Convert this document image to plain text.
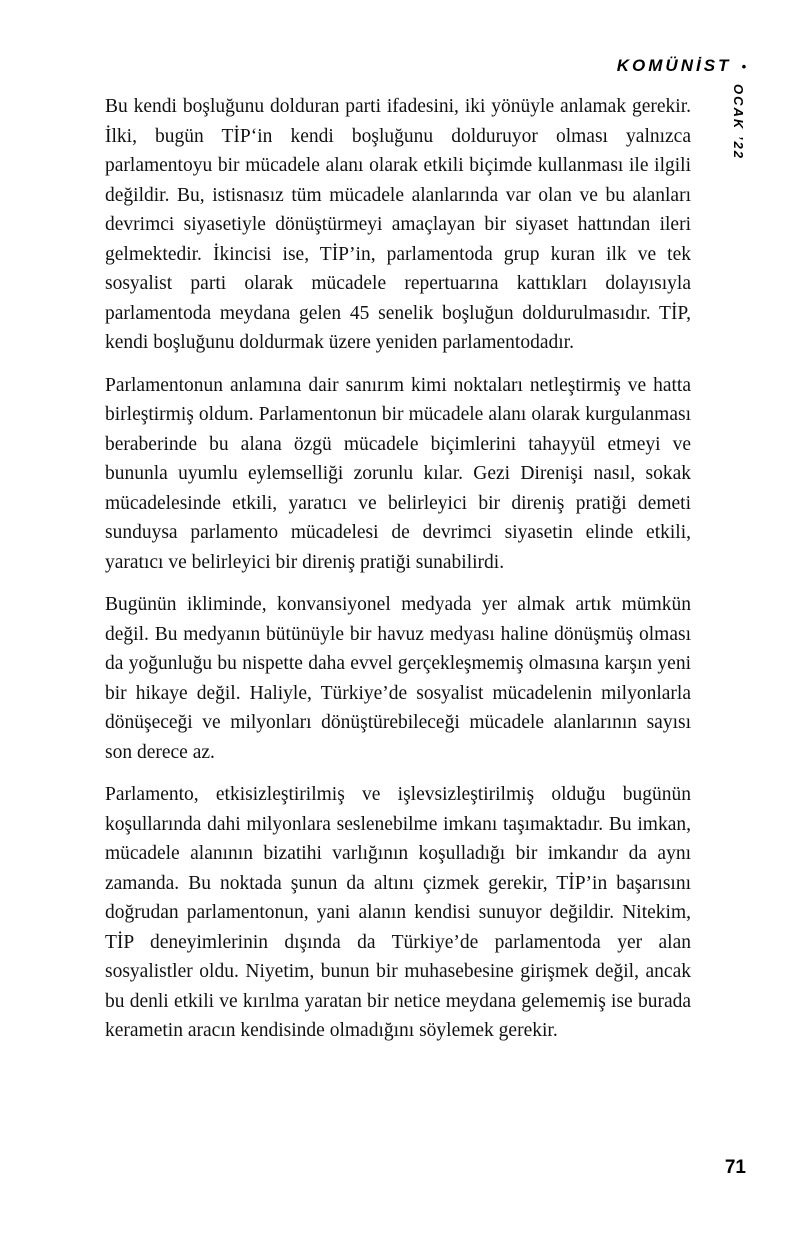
KOMÜNİST •
OCAK ’22

Bu kendi boşluğunu dolduran parti ifadesini, iki yönüyle anlamak gerekir. İlki, bugün TİP‘in kendi boşluğunu dolduruyor olması yalnızca parlamentoyu bir mücadele alanı olarak etkili biçimde kullanması ile ilgili değildir. Bu, istisnasız tüm mücadele alanlarında var olan ve bu alanları devrimci siyasetiyle dönüştürmeyi amaçlayan bir siyaset hattından ileri gelmektedir. İkincisi ise, TİP’in, parlamentoda grup kuran ilk ve tek sosyalist parti olarak mücadele repertuarına kattıkları dolayısıyla parlamentoda meydana gelen 45 senelik boşluğun doldurulmasıdır. TİP, kendi boşluğunu doldurmak üzere yeniden parlamentodadır.

Parlamentonun anlamına dair sanırım kimi noktaları netleştirmiş ve hatta birleştirmiş oldum. Parlamentonun bir mücadele alanı olarak kurgulanması beraberinde bu alana özgü mücadele biçimlerini tahayyül etmeyi ve bununla uyumlu eylemselliği zorunlu kılar. Gezi Direnişi nasıl, sokak mücadelesinde etkili, yaratıcı ve belirleyici bir direniş pratiği demeti sunduysa parlamento mücadelesi de devrimci siyasetin elinde etkili, yaratıcı ve belirleyici bir direniş pratiği sunabilirdi.

Bugünün ikliminde, konvansiyonel medyada yer almak artık mümkün değil. Bu medyanın bütünüyle bir havuz medyası haline dönüşmüş olması da yoğunluğu bu nispette daha evvel gerçekleşmemiş olmasına karşın yeni bir hikaye değil. Haliyle, Türkiye’de sosyalist mücadelenin milyonlarla dönüşeceği ve milyonları dönüştürebileceği mücadele alanlarının sayısı son derece az.

Parlamento, etkisizleştirilmiş ve işlevsizleştirilmiş olduğu bugünün koşullarında dahi milyonlara seslenebilme imkanı taşımaktadır. Bu imkan, mücadele alanının bizatihi varlığının koşulladığı bir imkandır da aynı zamanda. Bu noktada şunun da altını çizmek gerekir, TİP’in başarısını doğrudan parlamentonun, yani alanın kendisi sunuyor değildir. Nitekim, TİP deneyimlerinin dışında da Türkiye’de parlamentoda yer alan sosyalistler oldu. Niyetim, bunun bir muhasebesine girişmek değil, ancak bu denli etkili ve kırılma yaratan bir netice meydana gelememiş ise burada kerametin aracın kendisinde olmadığını söylemek gerekir.

71
